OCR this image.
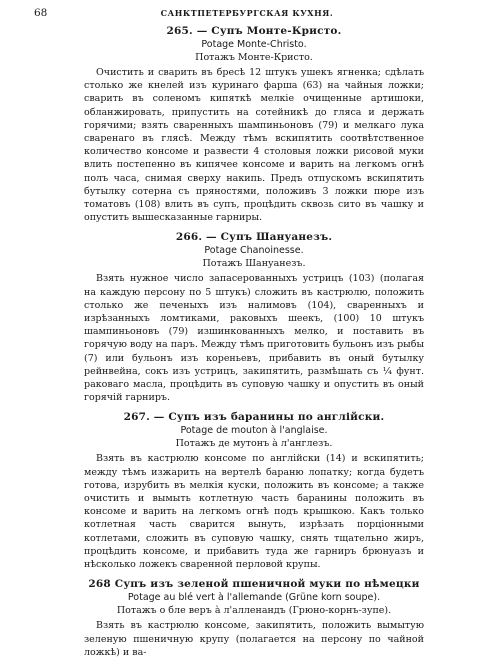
68	САНКТПЕТЕРБУРГСКАЯ КУХНЯ.

265. — Супъ Монте-Кристо.

Potage Monte-Christo.

Потажъ Монте-Кристо.

Очистить и сварить въ бресѣ 12 штукъ ушекъ ягненка; сдѣлать столько же кнелей изъ куринаго фарша (63) на чайныя ложки; сварить въ соленомъ кипяткѣ мелкіе очищенные артишоки, обланжировать, припустить на сотейникѣ до гляса и держать горячими; взять сваренныхъ шампиньоновъ (79) и мелкаго лука сваренаго въ глясѣ. Между тѣмъ вскипятить соотвѣтственное количество консоме и развести 4 столовыя ложки рисовой муки влить постепенно въ кипячее консоме и варить на легкомъ огнѣ полъ часа, снимая сверху накипь. Предъ отпускомъ вскипятить бутылку сотерна съ пряностями, положивъ 3 ложки пюре изъ томатовъ (108) влить въ супъ, процѣдить сквозь сито въ чашку и опустить вышесказанные гарниры.

266. — Супъ Шануанезъ.

Potage Chanoinesse.

Потажъ Шануанезъ.

Взять нужное число запасерованныхъ устрицъ (103) (полагая на каждую персону по 5 штукъ) сложить въ кастрюлю, положить столько же печеныхъ изъ налимовъ (104), сваренныхъ и изрѣзанныхъ ломтиками, раковыхъ шеекъ, (100) 10 штукъ шампиньоновъ (79) изшинкованныхъ мелко, и поставить въ горячую воду на паръ. Между тѣмъ приготовить бульонъ изъ рыбы (7) или бульонъ изъ кореньевъ, прибавить въ оный бутылку рейнвейна, сокъ изъ устрицъ, закипятить, размѣшать съ ¼ фунт. раковаго масла, процѣдить въ суповую чашку и опустить въ оный горячій гарниръ.

267. — Супъ изъ баранины по англійски.

Potage de mouton à l'anglaise.

Потажъ де мутонъ à л'англезъ.

Взять въ кастрюлю консоме по англійски (14) и вскипятить; между тѣмъ изжарить на вертелѣ бараню лопатку; когда будетъ готова, изрубить въ мелкія куски, положить въ консоме; а также очистить и вымыть котлетную часть баранины положить въ консоме и варить на легкомъ огнѣ подъ крышкою. Какъ только котлетная часть сварится вынуть, изрѣзать порціонными котлетами, сложить въ суповую чашку, снять тщательно жиръ, процѣдить консоме, и прибавить туда же гарниръ брюнуазъ и нѣсколько ложекъ сваренной перловой крупы.

268 Супъ изъ зеленой пшеничной муки по нѣмецки

Potage au blé vert à l'allemande (Grüne korn soupe).

Потажъ о бле веръ à л'алленандъ (Грюно-корнъ-зупе).

Взять въ кастрюлю консоме, закипятить, положить вымытую зеленую пшеничную крупу (полагается на персону по чайной ложкѣ) и ва-
